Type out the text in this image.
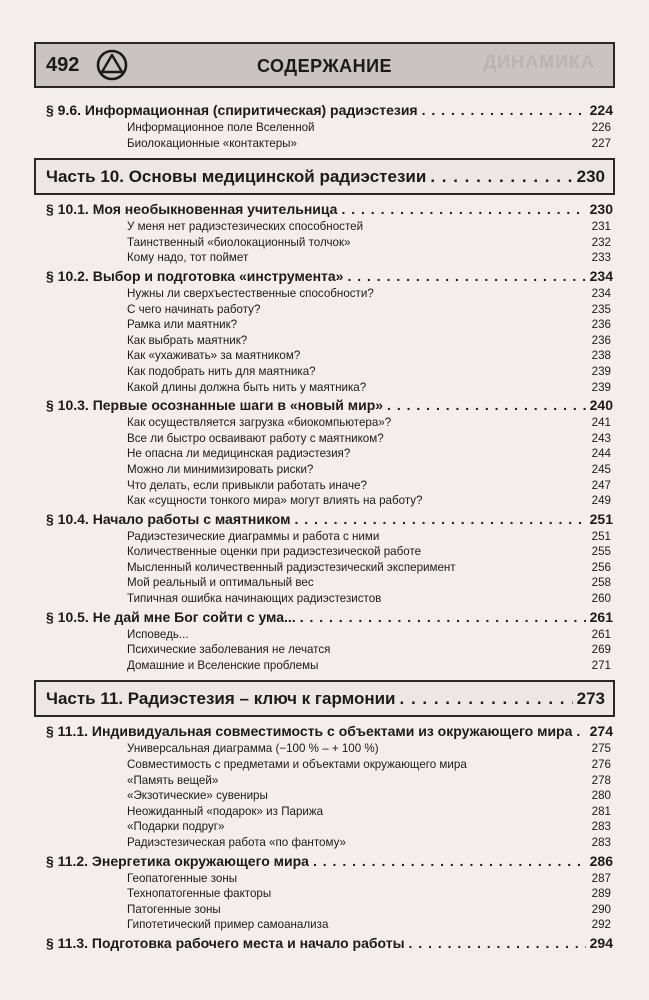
492	СОДЕРЖАНИЕ	ДИНАМИКА
§ 9.6. Информационная (спиритическая) радиэстезия . . .	224
Информационное поле Вселенной	226
Биолокационные «контактеры»	227
Часть 10. Основы медицинской радиэстезии . . .	230
§ 10.1. Моя необыкновенная учительница . . .	230
У меня нет радиэстезических способностей	231
Таинственный «биолокационный толчок»	232
Кому надо, тот поймет	233
§ 10.2. Выбор и подготовка «инструмента» . . .	234
Нужны ли сверхъестественные способности?	234
С чего начинать работу?	235
Рамка или маятник?	236
Как выбрать маятник?	236
Как «ухаживать» за маятником?	238
Как подобрать нить для маятника?	239
Какой длины должна быть нить у маятника?	239
§ 10.3. Первые осознанные шаги в «новый мир» . . .	240
Как осуществляется загрузка «биокомпьютера»?	241
Все ли быстро осваивают работу с маятником?	243
Не опасна ли медицинская радиэстезия?	244
Можно ли минимизировать риски?	245
Что делать, если привыкли работать иначе?	247
Как «сущности тонкого мира» могут влиять на работу?	249
§ 10.4. Начало работы с маятником . . .	251
Радиэстезические диаграммы и работа с ними	251
Количественные оценки при радиэстезической работе	255
Мысленный количественный радиэстезический эксперимент	256
Мой реальный и оптимальный вес	258
Типичная ошибка начинающих радиэстезистов	260
§ 10.5. Не дай мне Бог сойти с ума... . . .	261
Исповедь...	261
Психические заболевания не лечатся	269
Домашние и Вселенские проблемы	271
Часть 11. Радиэстезия – ключ к гармонии . . .	273
§ 11.1. Индивидуальная совместимость с объектами из окружающего мира . . . 274
Универсальная диаграмма (−100 % – + 100 %)	275
Совместимость с предметами и объектами окружающего мира	276
«Память вещей»	278
«Экзотические» сувениры	280
Неожиданный «подарок» из Парижа	281
«Подарки подруг»	283
Радиэстезическая работа «по фантому»	283
§ 11.2. Энергетика окружающего мира . . .	286
Геопатогенные зоны	287
Технопатогенные факторы	289
Патогенные зоны	290
Гипотетический пример самоанализа	292
§ 11.3. Подготовка рабочего места и начало работы . . .	294
